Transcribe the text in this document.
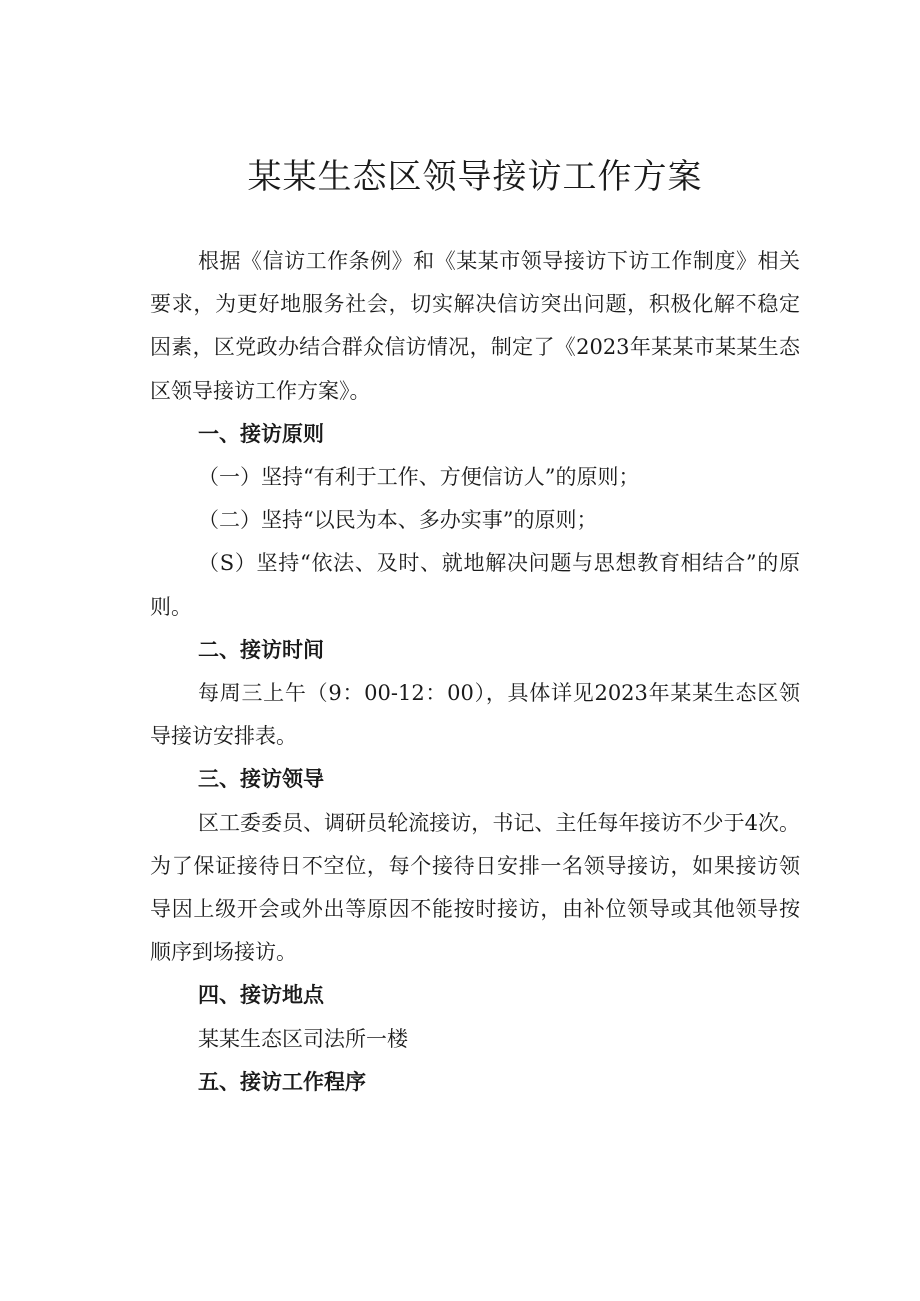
某某生态区领导接访工作方案

根据《信访工作条例》和《某某市领导接访下访工作制度》相关要求，为更好地服务社会，切实解决信访突出问题，积极化解不稳定因素，区党政办结合群众信访情况，制定了《2023年某某市某某生态区领导接访工作方案》。

一、接访原则

（一）坚持“有利于工作、方便信访人”的原则；

（二）坚持“以民为本、多办实事”的原则；

（S）坚持“依法、及时、就地解决问题与思想教育相结合”的原则。

二、接访时间

每周三上午（9：00-12：00），具体详见2023年某某生态区领导接访安排表。

三、接访领导

区工委委员、调研员轮流接访，书记、主任每年接访不少于4次。为了保证接待日不空位，每个接待日安排一名领导接访，如果接访领导因上级开会或外出等原因不能按时接访，由补位领导或其他领导按顺序到场接访。

四、接访地点

某某生态区司法所一楼

五、接访工作程序
